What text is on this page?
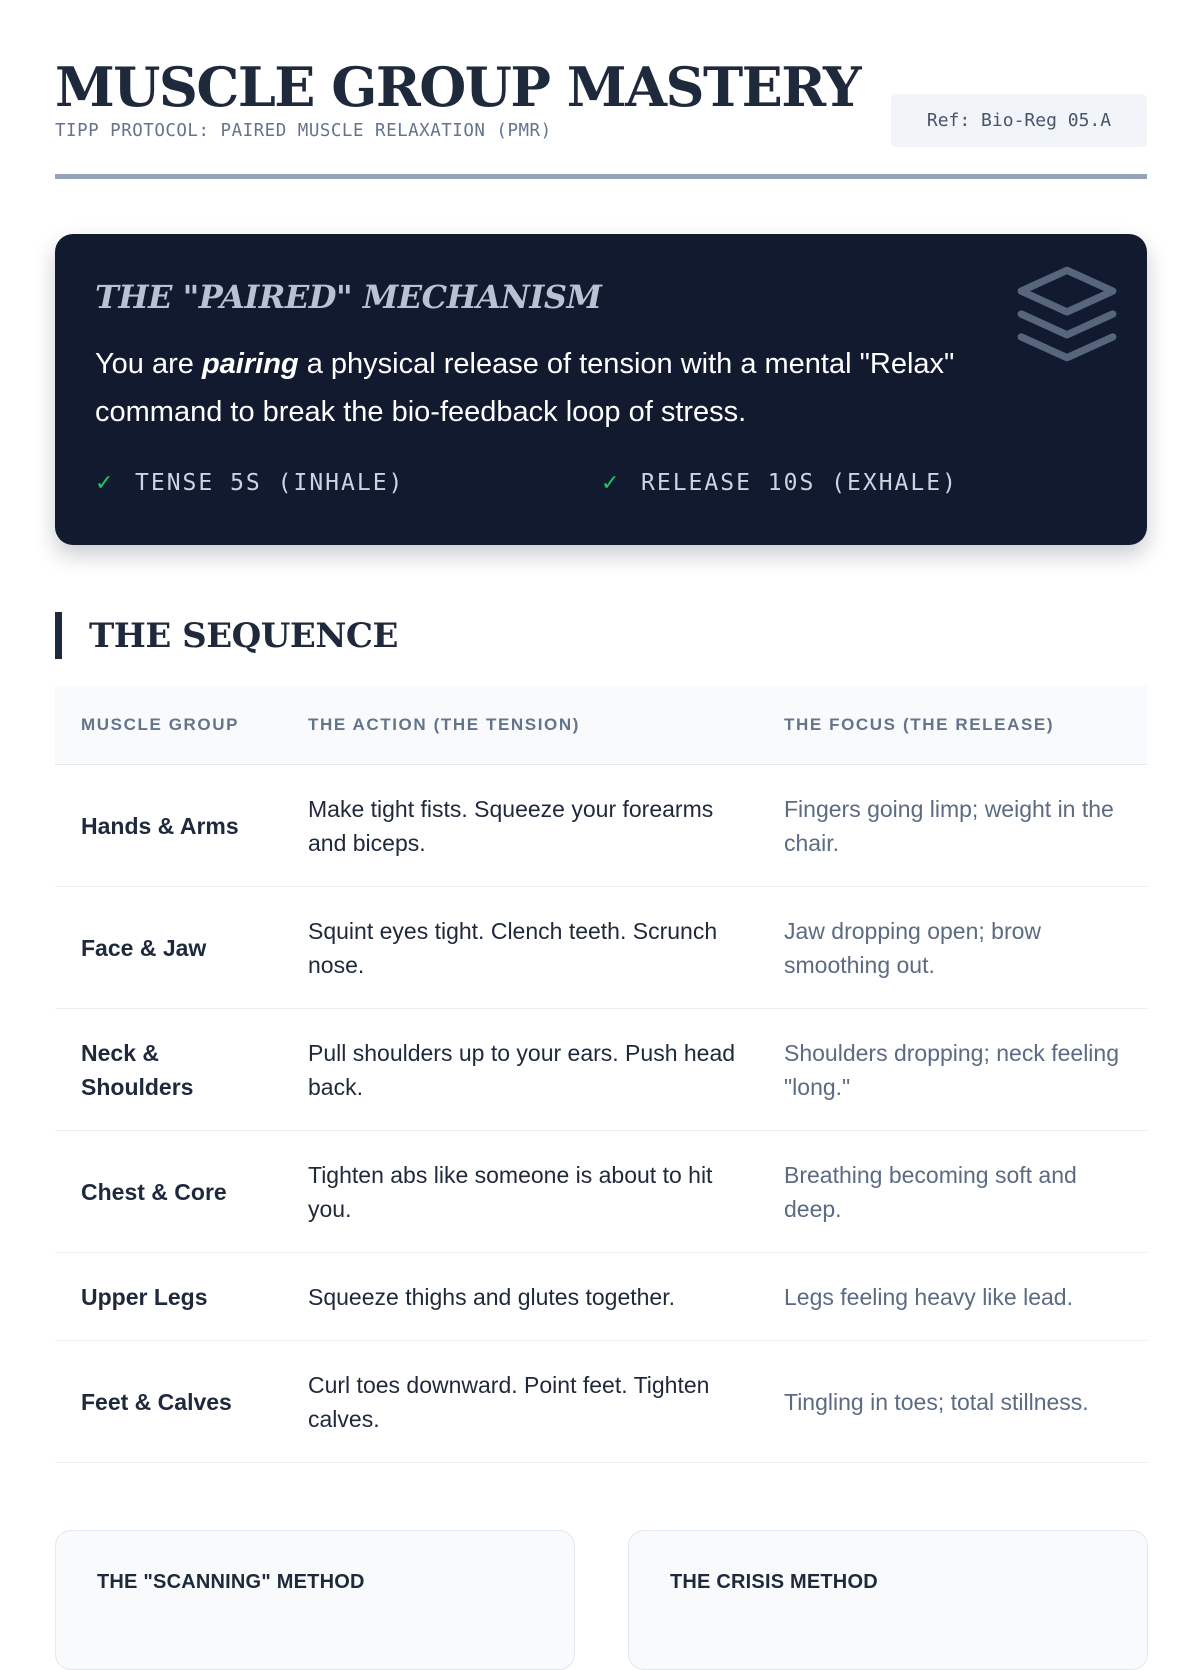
MUSCLE GROUP MASTERY
TIPP PROTOCOL: PAIRED MUSCLE RELAXATION (PMR)	Ref: Bio-Reg 05.A
THE "PAIRED" MECHANISM

You are pairing a physical release of tension with a mental "Relax" command to break the bio-feedback loop of stress.

✓ TENSE 5S (INHALE)	✓ RELEASE 10S (EXHALE)
THE SEQUENCE
MUSCLE GROUP	THE ACTION (THE TENSION)	THE FOCUS (THE RELEASE)
Hands & Arms	Make tight fists. Squeeze your forearms and biceps.	Fingers going limp; weight in the chair.
Face & Jaw	Squint eyes tight. Clench teeth. Scrunch nose.	Jaw dropping open; brow smoothing out.
Neck & Shoulders	Pull shoulders up to your ears. Push head back.	Shoulders dropping; neck feeling "long."
Chest & Core	Tighten abs like someone is about to hit you.	Breathing becoming soft and deep.
Upper Legs	Squeeze thighs and glutes together.	Legs feeling heavy like lead.
Feet & Calves	Curl toes downward. Point feet. Tighten calves.	Tingling in toes; total stillness.
THE "SCANNING" METHOD	THE CRISIS METHOD
